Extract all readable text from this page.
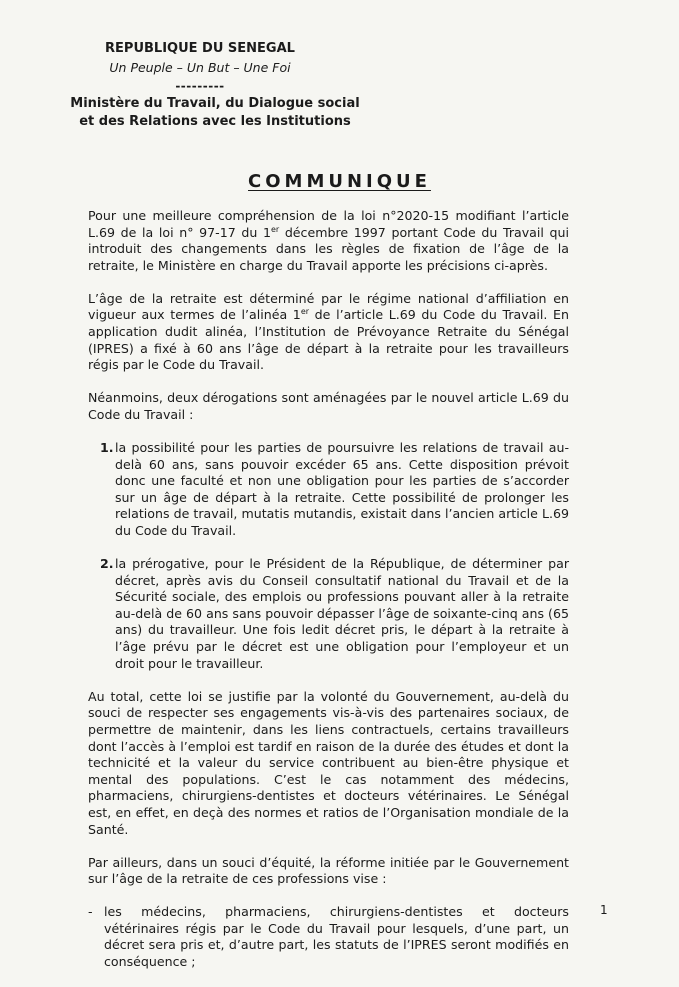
REPUBLIQUE DU SENEGAL
Un Peuple – Un But – Une Foi
---------
Ministère du Travail, du Dialogue social
et des Relations avec les Institutions
COMMUNIQUE

Pour une meilleure compréhension de la loi n°2020-15 modifiant l’article L.69 de la loi n° 97-17 du 1er décembre 1997 portant Code du Travail qui introduit des changements dans les règles de fixation de l’âge de la retraite, le Ministère en charge du Travail apporte les précisions ci-après.

L’âge de la retraite est déterminé par le régime national d’affiliation en vigueur aux termes de l’alinéa 1er de l’article L.69 du Code du Travail. En application dudit alinéa, l’Institution de Prévoyance Retraite du Sénégal (IPRES) a fixé à 60 ans l’âge de départ à la retraite pour les travailleurs régis par le Code du Travail.

Néanmoins, deux dérogations sont aménagées par le nouvel article L.69 du Code du Travail :

1. la possibilité pour les parties de poursuivre les relations de travail au-delà 60 ans, sans pouvoir excéder 65 ans. Cette disposition prévoit donc une faculté et non une obligation pour les parties de s’accorder sur un âge de départ à la retraite. Cette possibilité de prolonger les relations de travail, mutatis mutandis, existait dans l’ancien article L.69 du Code du Travail.
2. la prérogative, pour le Président de la République, de déterminer par décret, après avis du Conseil consultatif national du Travail et de la Sécurité sociale, des emplois ou professions pouvant aller à la retraite au-delà de 60 ans sans pouvoir dépasser l’âge de soixante-cinq ans (65 ans) du travailleur. Une fois ledit décret pris, le départ à la retraite à l’âge prévu par le décret est une obligation pour l’employeur et un droit pour le travailleur.

Au total, cette loi se justifie par la volonté du Gouvernement, au-delà du souci de respecter ses engagements vis-à-vis des partenaires sociaux, de permettre de maintenir, dans les liens contractuels, certains travailleurs dont l’accès à l’emploi est tardif en raison de la durée des études et dont la technicité et la valeur du service contribuent au bien-être physique et mental des populations. C’est le cas notamment des médecins, pharmaciens, chirurgiens-dentistes et docteurs vétérinaires. Le Sénégal est, en effet, en deçà des normes et ratios de l’Organisation mondiale de la Santé.

Par ailleurs, dans un souci d’équité, la réforme initiée par le Gouvernement sur l’âge de la retraite de ces professions vise :

- les médecins, pharmaciens, chirurgiens-dentistes et docteurs vétérinaires régis par le Code du Travail pour lesquels, d’une part, un décret sera pris et, d’autre part, les statuts de l’IPRES seront modifiés en conséquence ;
1
